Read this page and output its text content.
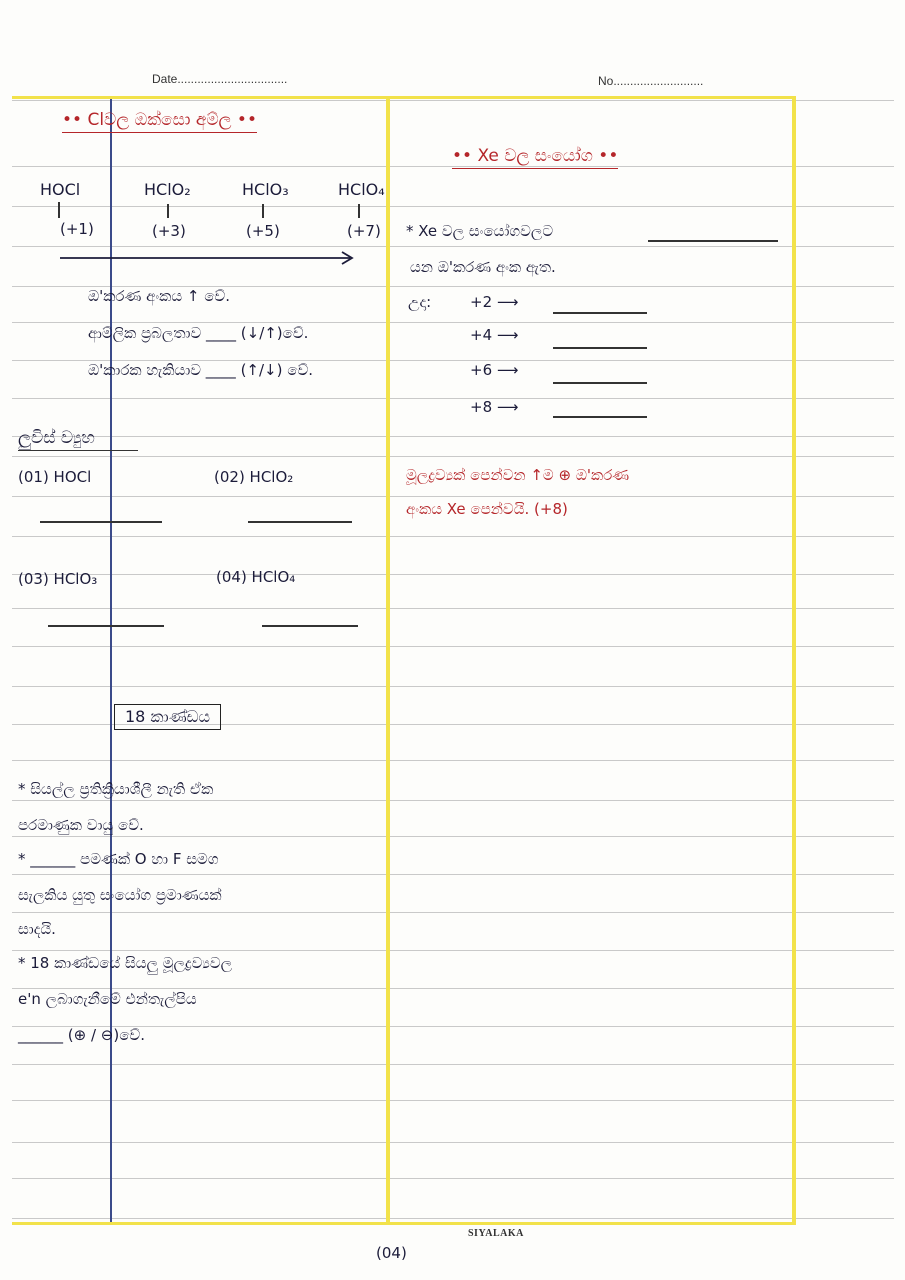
Date.................................	No...........................
•• Clවල ඔක්සො අම්ල ••
HOCl	HClO₂	HClO₃	HClO₄
(+1)	(+3)	(+5)	(+7)
ඔ'කරණ අංකය ↑ වේ.
ආම්ලික ප්‍රබලතාව ____ (↓/↑)වේ.
ඔ'කාරක හැකියාව ____ (↑/↓) වේ.
ලුවිස් ව්‍යුහ
(01) HOCl	(02) HClO₂
(03) HClO₃	(04) HClO₄
18 කාණ්ඩය
* සියල්ල ප්‍රතික්‍රියාශීලී නැති ඒක
පරමාණුක වායු වේ.
* ______ පමණක් O හා F සමග
සැලකිය යුතු සංයෝග ප්‍රමාණයක්
සාදයි.
* 18 කාණ්ඩයේ සියලු මූලද්‍රව්‍යවල
e'n ලබාගැනීමේ එන්තැල්පිය
______ (⊕ / ⊖)වේ.
•• Xe වල සංයෝග ••
* Xe වල සංයෝගවලට
යන ඔ'කරණ අංක ඇත.
උදා:	+2 ⟶
+4 ⟶
+6 ⟶
+8 ⟶
මූලද්‍රව්‍යක් පෙන්වන ↑ම ⊕ ඔ'කරණ
අංකය Xe පෙන්වයි. (+8)
SIYALAKA
(04)
